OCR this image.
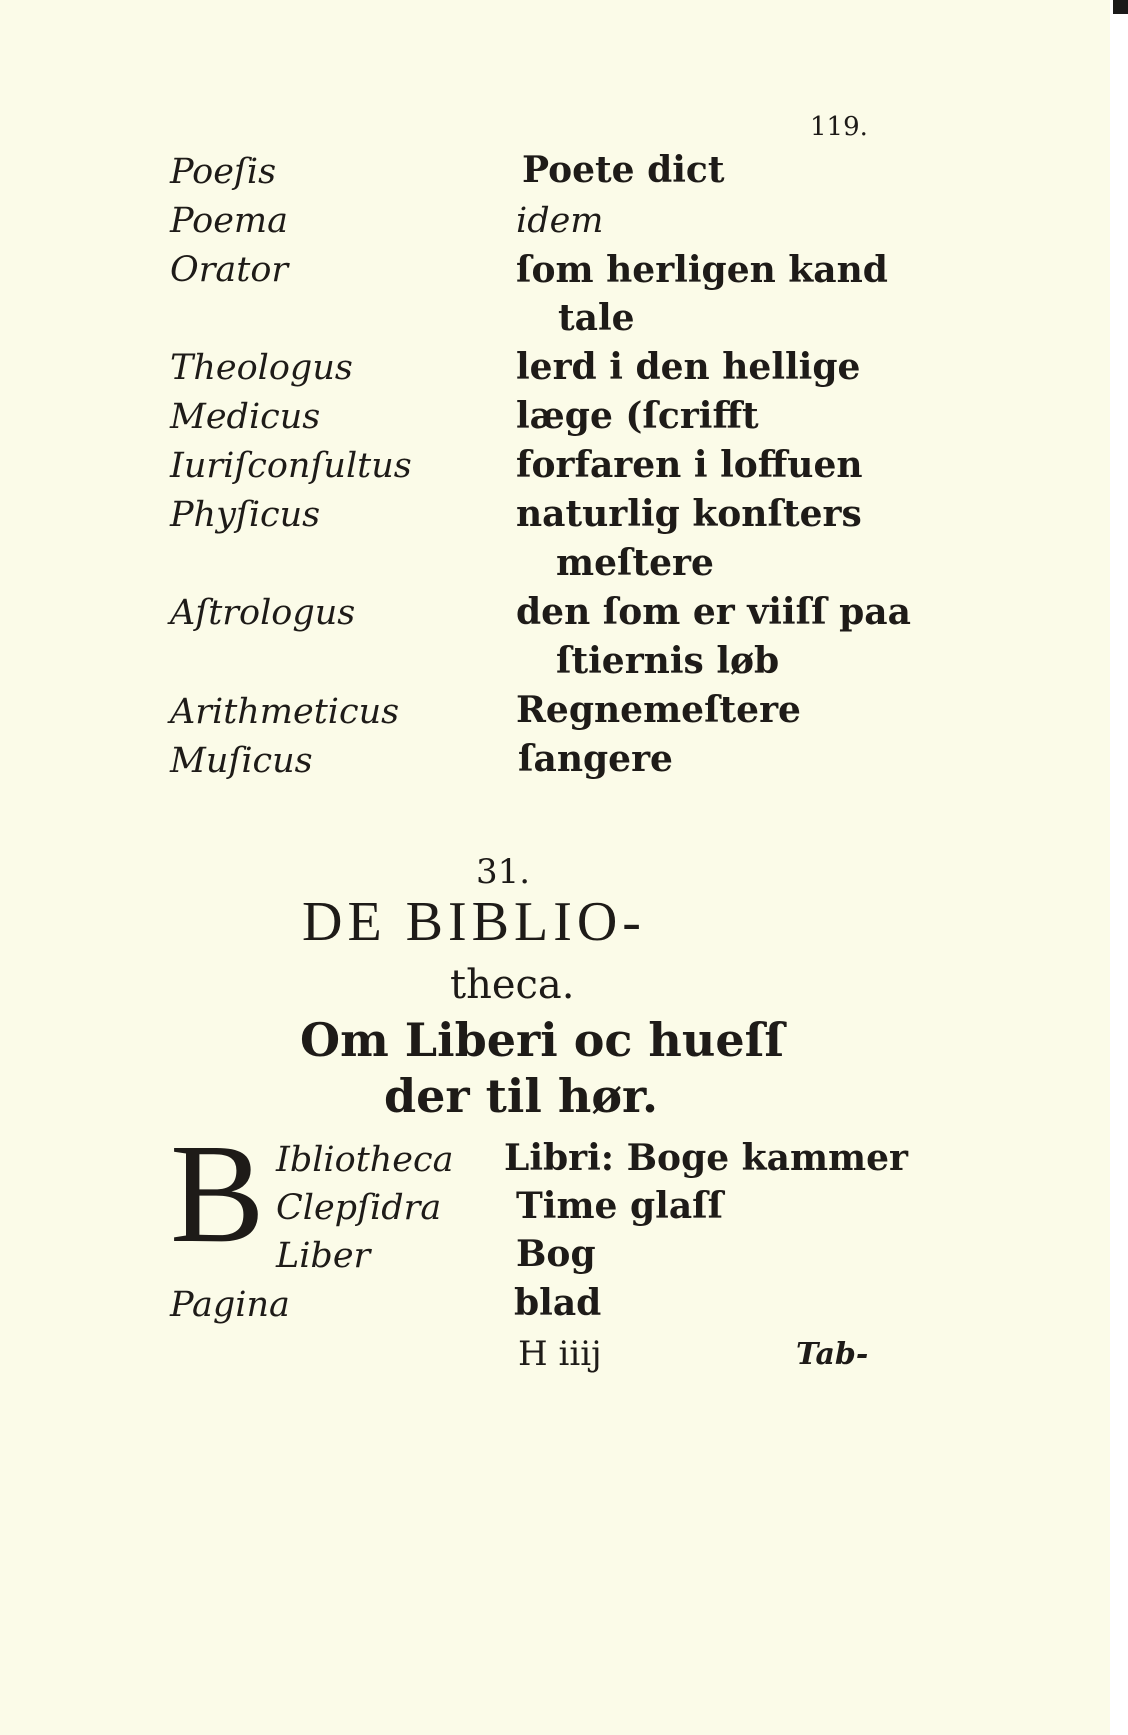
119.
Poeſis
Poema
Orator
Theologus
Medicus
Iuriſconſultus
Phyſicus
Aſtrologus
Arithmeticus
Muſicus
Poete dict
idem
ſom herligen kand
tale
lerd i den hellige
læge (ſcrifft
forfaren i loffuen
naturlig konſters
meſtere
den ſom er viiſſ paa
ſtiernis løb
Regnemeſtere
ſangere
31.
DE BIBLIO-
theca.
Om Liberi oc hueſſ
der til hør.
B Ibliotheca
Clepſidra
Liber
Pagina
Libri: Boge kammer
Time glaſſ
Bog
blad
H iiij	Tab-
